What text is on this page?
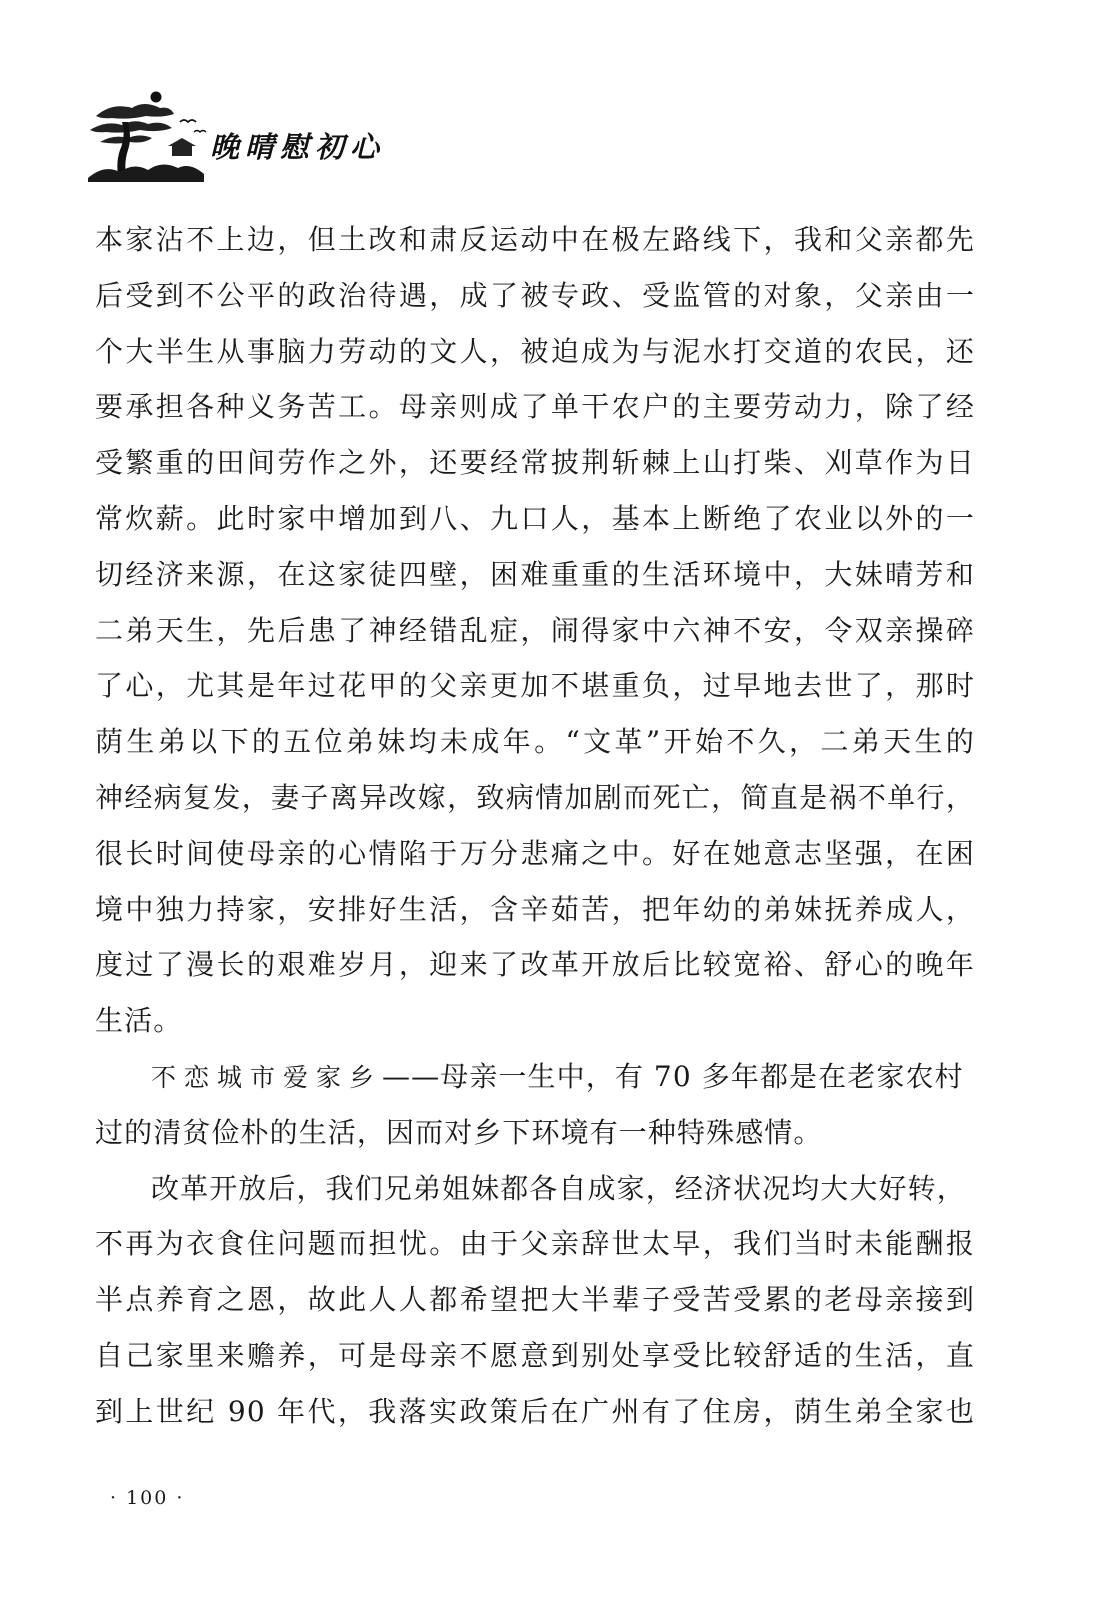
晚晴慰初心
本家沾不上边，但土改和肃反运动中在极左路线下，我和父亲都先
后受到不公平的政治待遇，成了被专政、受监管的对象，父亲由一
个大半生从事脑力劳动的文人，被迫成为与泥水打交道的农民，还
要承担各种义务苦工。母亲则成了单干农户的主要劳动力，除了经
受繁重的田间劳作之外，还要经常披荆斩棘上山打柴、刈草作为日
常炊薪。此时家中增加到八、九口人，基本上断绝了农业以外的一
切经济来源，在这家徒四壁，困难重重的生活环境中，大妹晴芳和
二弟天生，先后患了神经错乱症，闹得家中六神不安，令双亲操碎
了心，尤其是年过花甲的父亲更加不堪重负，过早地去世了，那时
荫生弟以下的五位弟妹均未成年。“文革”开始不久，二弟天生的
神经病复发，妻子离异改嫁，致病情加剧而死亡，简直是祸不单行，
很长时间使母亲的心情陷于万分悲痛之中。好在她意志坚强，在困
境中独力持家，安排好生活，含辛茹苦，把年幼的弟妹抚养成人，
度过了漫长的艰难岁月，迎来了改革开放后比较宽裕、舒心的晚年
生活。
不恋城市爱家乡——母亲一生中，有 70 多年都是在老家农村
过的清贫俭朴的生活，因而对乡下环境有一种特殊感情。
改革开放后，我们兄弟姐妹都各自成家，经济状况均大大好转，
不再为衣食住问题而担忧。由于父亲辞世太早，我们当时未能酬报
半点养育之恩，故此人人都希望把大半辈子受苦受累的老母亲接到
自己家里来赡养，可是母亲不愿意到别处享受比较舒适的生活，直
到上世纪 90 年代，我落实政策后在广州有了住房，荫生弟全家也
· 100 ·
